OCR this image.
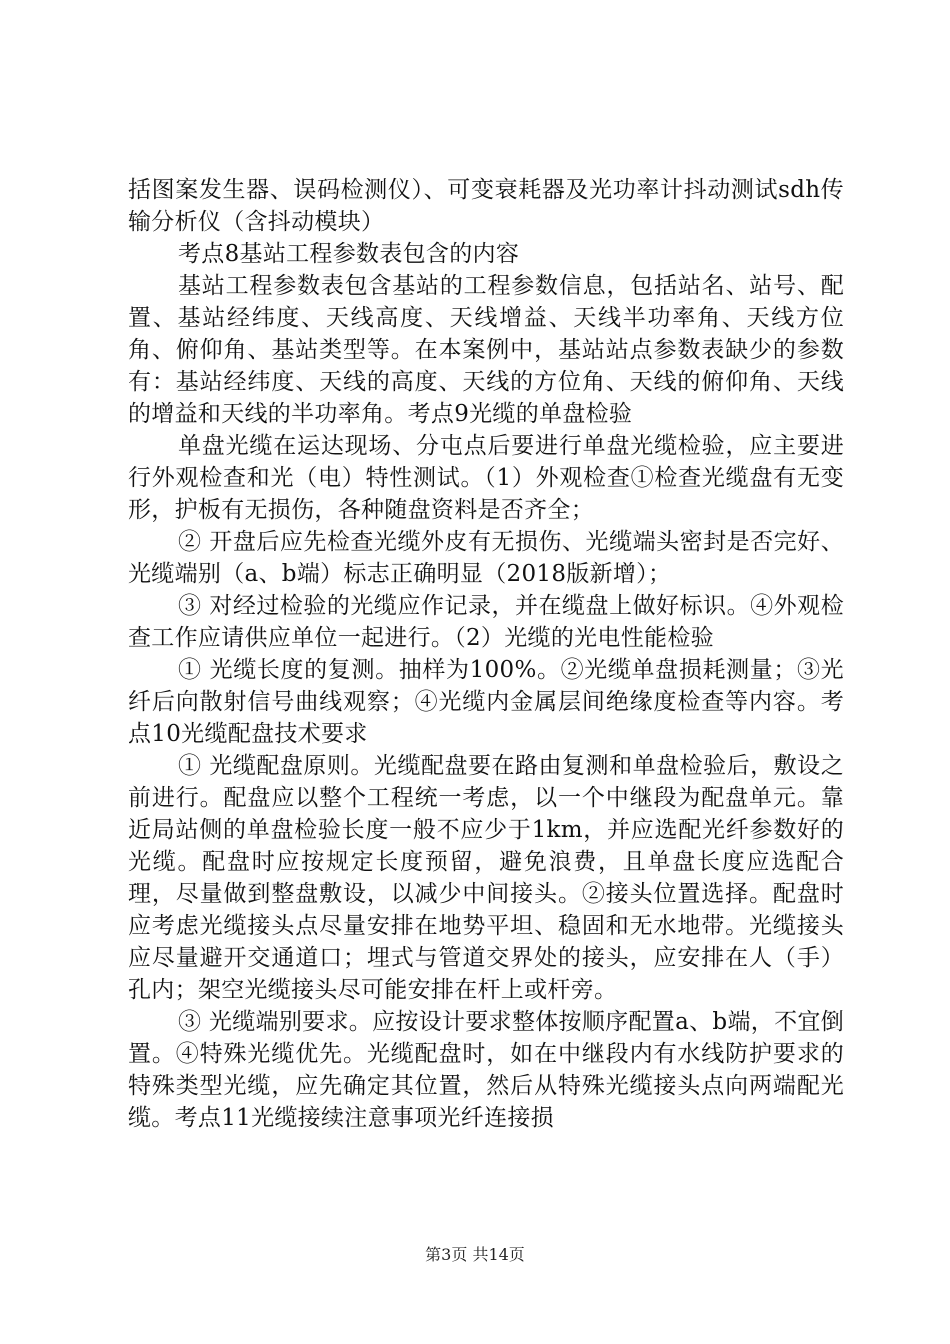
括图案发生器、误码检测仪）、可变衰耗器及光功率计抖动测试sdh传输分析仪（含抖动模块）

考点8基站工程参数表包含的内容

基站工程参数表包含基站的工程参数信息，包括站名、站号、配置、基站经纬度、天线高度、天线增益、天线半功率角、天线方位角、俯仰角、基站类型等。在本案例中，基站站点参数表缺少的参数有：基站经纬度、天线的高度、天线的方位角、天线的俯仰角、天线的增益和天线的半功率角。考点9光缆的单盘检验

单盘光缆在运达现场、分屯点后要进行单盘光缆检验，应主要进行外观检查和光（电）特性测试。（1）外观检查①检查光缆盘有无变形，护板有无损伤，各种随盘资料是否齐全；

② 开盘后应先检查光缆外皮有无损伤、光缆端头密封是否完好、光缆端别（a、b端）标志正确明显（2018版新增）；

③ 对经过检验的光缆应作记录，并在缆盘上做好标识。④外观检查工作应请供应单位一起进行。（2）光缆的光电性能检验

① 光缆长度的复测。抽样为100%。②光缆单盘损耗测量；③光纤后向散射信号曲线观察；④光缆内金属层间绝缘度检查等内容。考点10光缆配盘技术要求

① 光缆配盘原则。光缆配盘要在路由复测和单盘检验后，敷设之前进行。配盘应以整个工程统一考虑，以一个中继段为配盘单元。靠近局站侧的单盘检验长度一般不应少于1km，并应选配光纤参数好的光缆。配盘时应按规定长度预留，避免浪费，且单盘长度应选配合理，尽量做到整盘敷设，以减少中间接头。②接头位置选择。配盘时应考虑光缆接头点尽量安排在地势平坦、稳固和无水地带。光缆接头应尽量避开交通道口；埋式与管道交界处的接头，应安排在人（手）孔内；架空光缆接头尽可能安排在杆上或杆旁。

③ 光缆端别要求。应按设计要求整体按顺序配置a、b端，不宜倒置。④特殊光缆优先。光缆配盘时，如在中继段内有水线防护要求的特殊类型光缆，应先确定其位置，然后从特殊光缆接头点向两端配光缆。考点11光缆接续注意事项光纤连接损

第3页 共14页
